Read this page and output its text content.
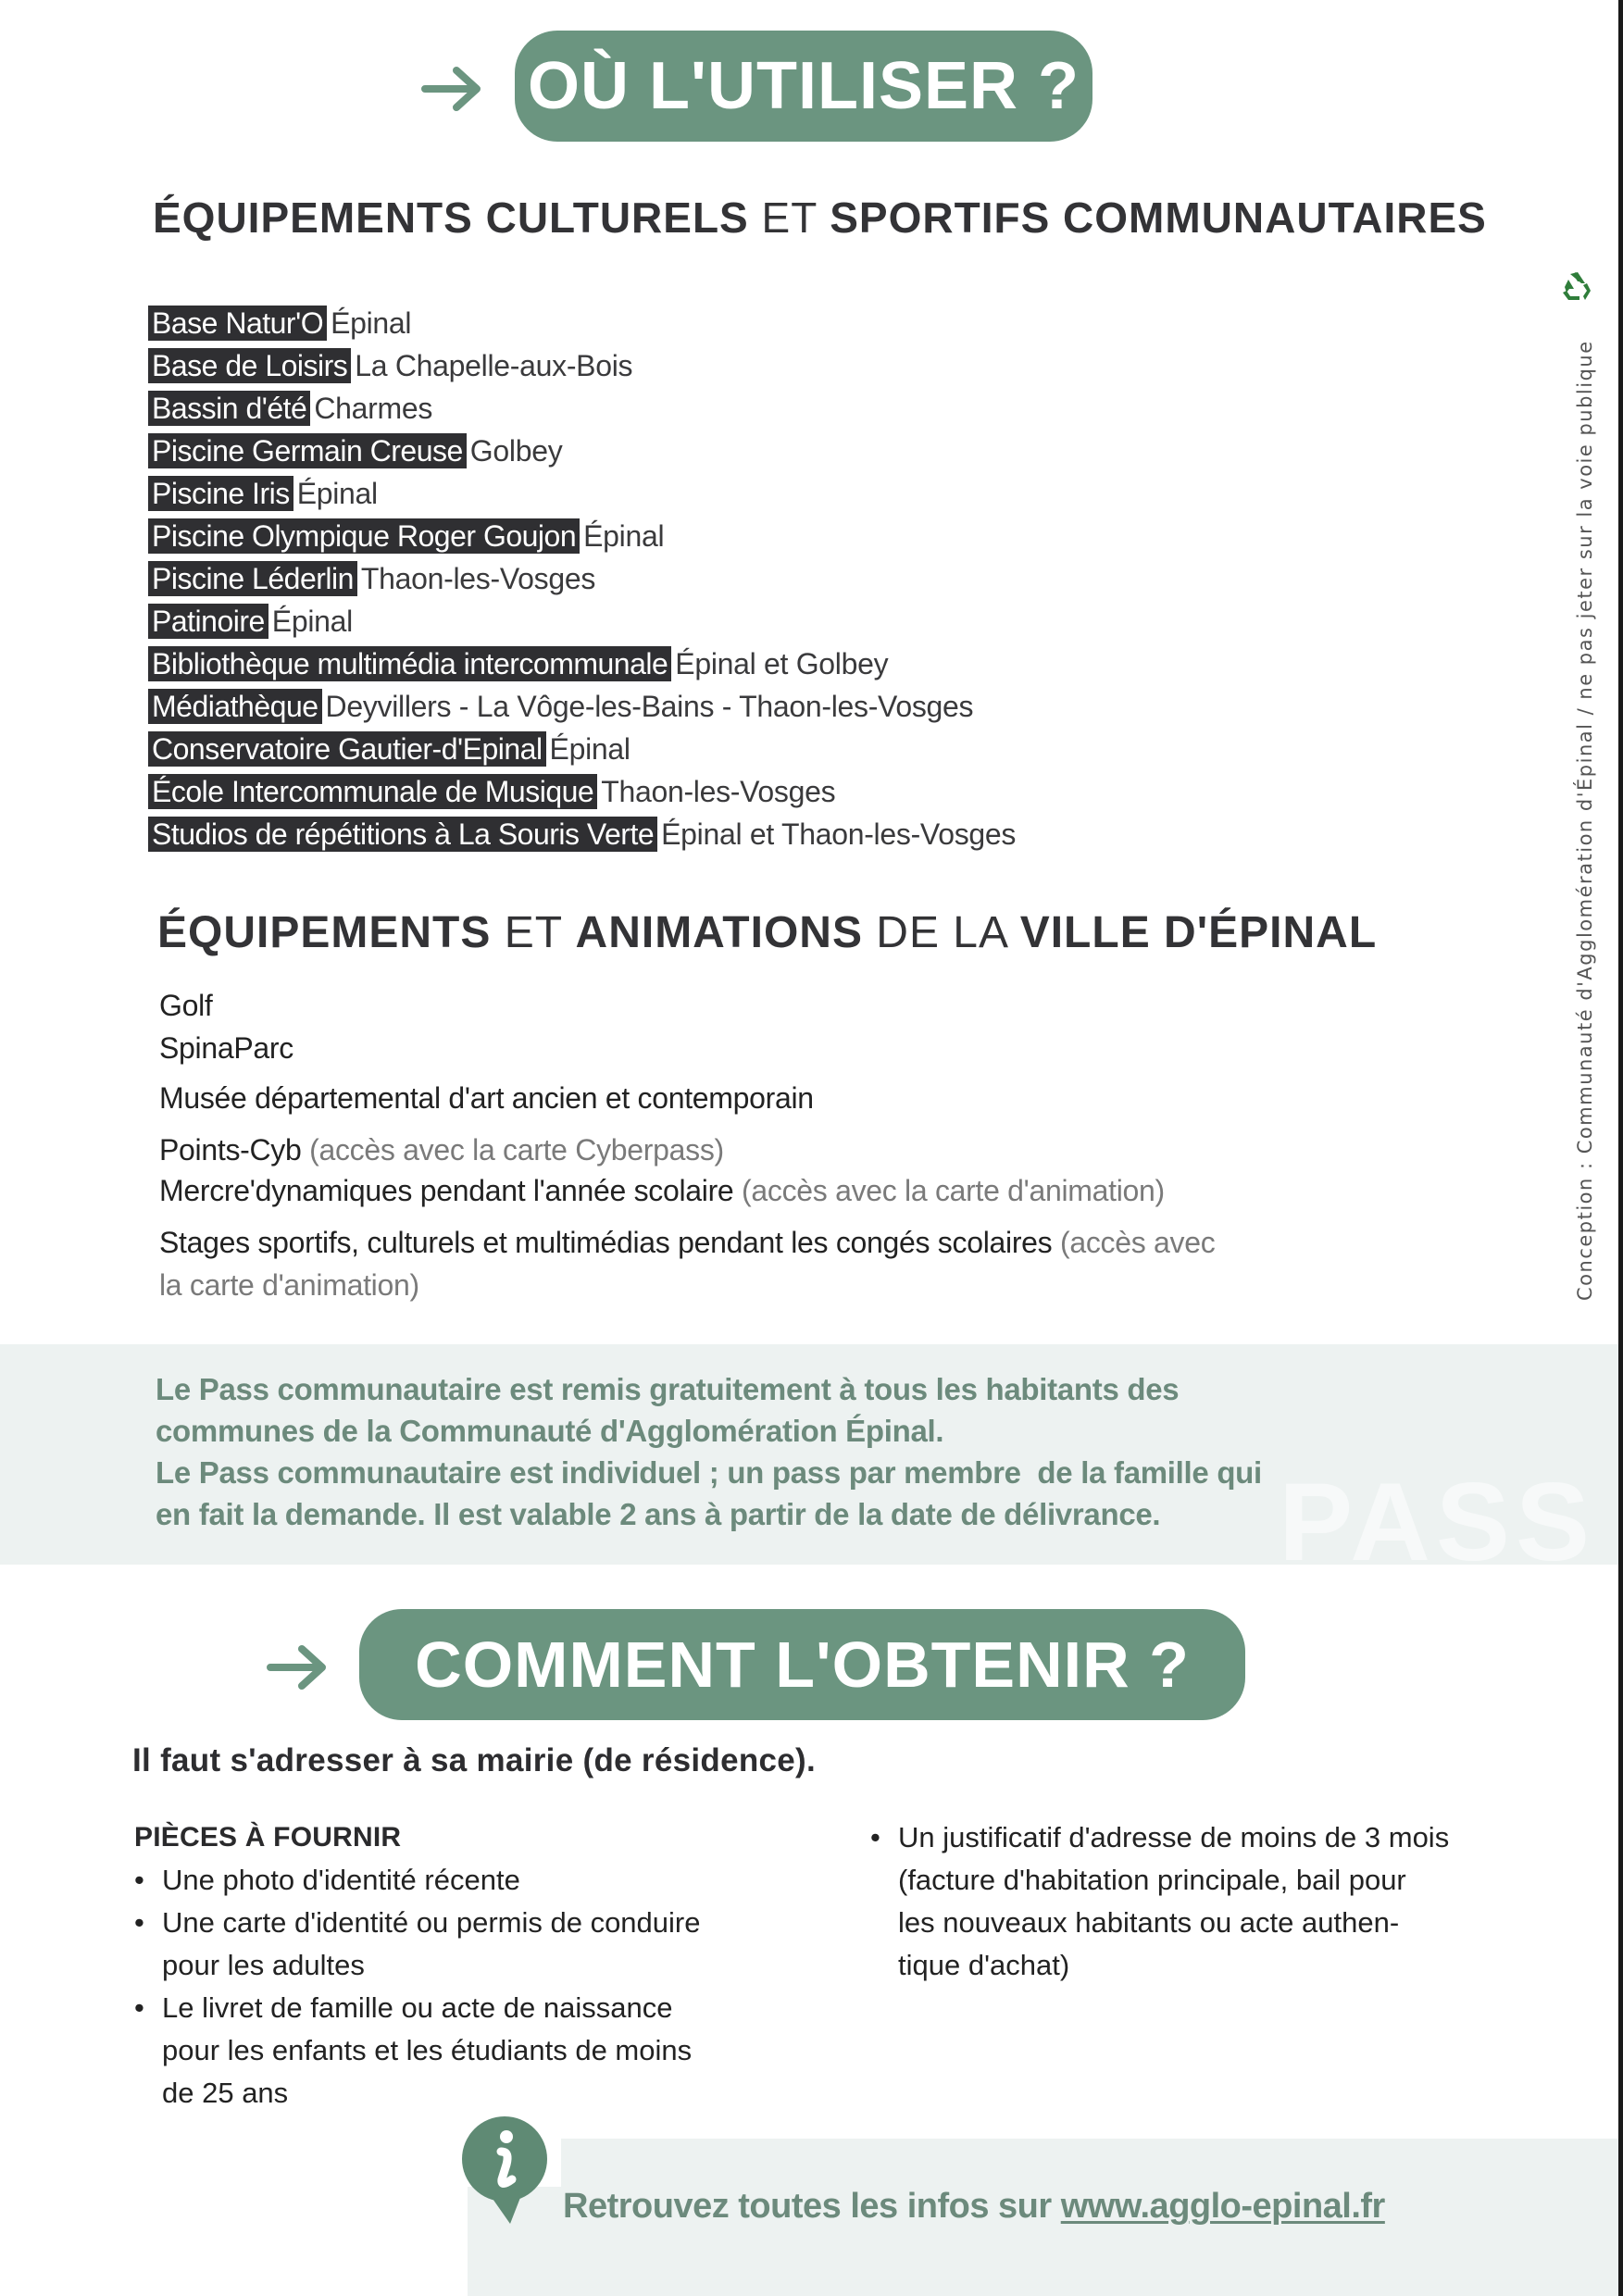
OÙ L'UTILISER ?
ÉQUIPEMENTS CULTURELS ET SPORTIFS COMMUNAUTAIRES
Base Natur'O Épinal
Base de Loisirs La Chapelle-aux-Bois
Bassin d'été Charmes
Piscine Germain Creuse Golbey
Piscine Iris Épinal
Piscine Olympique Roger Goujon Épinal
Piscine Léderlin Thaon-les-Vosges
Patinoire Épinal
Bibliothèque multimédia intercommunale Épinal et Golbey
Médiathèque Deyvillers - La Vôge-les-Bains - Thaon-les-Vosges
Conservatoire Gautier-d'Epinal Épinal
École Intercommunale de Musique Thaon-les-Vosges
Studios de répétitions à La Souris Verte Épinal et Thaon-les-Vosges
ÉQUIPEMENTS ET ANIMATIONS DE LA VILLE D'ÉPINAL
Golf
SpinaParc
Musée départemental d'art ancien et contemporain
Points-Cyb (accès avec la carte Cyberpass)
Mercre'dynamiques pendant l'année scolaire (accès avec la carte d'animation)
Stages sportifs, culturels et multimédias pendant les congés scolaires (accès avec
la carte d'animation)
PASS
Le Pass communautaire est remis gratuitement à tous les habitants des
communes de la Communauté d'Agglomération Épinal.
Le Pass communautaire est individuel ; un pass par membre  de la famille qui
en fait la demande. Il est valable 2 ans à partir de la date de délivrance.
COMMENT L'OBTENIR ?
Il faut s'adresser à sa mairie (de résidence).
PIÈCES À FOURNIR
• Une photo d'identité récente
• Une carte d'identité ou permis de conduire
pour les adultes
• Le livret de famille ou acte de naissance
pour les enfants et les étudiants de moins
de 25 ans
• Un justificatif d'adresse de moins de 3 mois
(facture d'habitation principale, bail pour
les nouveaux habitants ou acte authen-
tique d'achat)
Retrouvez toutes les infos sur www.agglo-epinal.fr
Conception : Communauté d'Agglomération d'Épinal / ne pas jeter sur la voie publique
